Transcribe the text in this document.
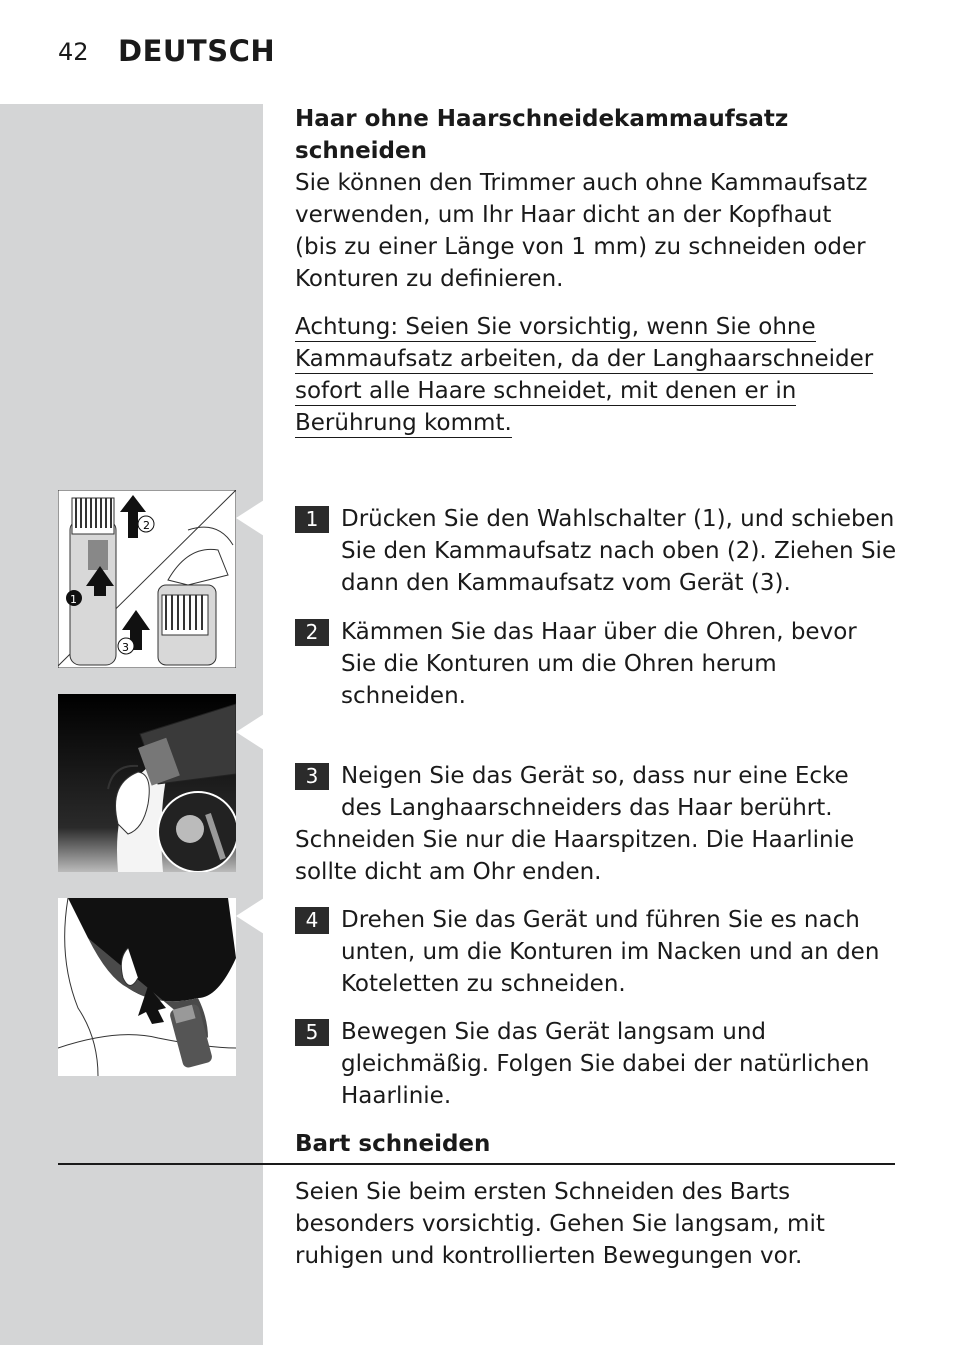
42 DEUTSCH
Haar ohne Haarschneidekammaufsatz schneiden
Sie können den Trimmer auch ohne Kammaufsatz verwenden, um Ihr Haar dicht an der Kopfhaut (bis zu einer Länge von 1 mm) zu schneiden oder Konturen zu definieren.
Achtung: Seien Sie vorsichtig, wenn Sie ohne
Kammaufsatz arbeiten, da der Langhaarschneider
sofort alle Haare schneidet, mit denen er in
Berührung kommt.
1 Drücken Sie den Wahlschalter (1), und schieben Sie den Kammaufsatz nach oben (2). Ziehen Sie dann den Kammaufsatz vom Gerät (3).
2 Kämmen Sie das Haar über die Ohren, bevor Sie die Konturen um die Ohren herum schneiden.
3 Neigen Sie das Gerät so, dass nur eine Ecke des Langhaarschneiders das Haar berührt.
Schneiden Sie nur die Haarspitzen. Die Haarlinie sollte dicht am Ohr enden.
4 Drehen Sie das Gerät und führen Sie es nach unten, um die Konturen im Nacken und an den Koteletten zu schneiden.
5 Bewegen Sie das Gerät langsam und gleichmäßig. Folgen Sie dabei der natürlichen Haarlinie.
Bart schneiden
Seien Sie beim ersten Schneiden des Barts besonders vorsichtig. Gehen Sie langsam, mit ruhigen und kontrollierten Bewegungen vor.
2
1
3
